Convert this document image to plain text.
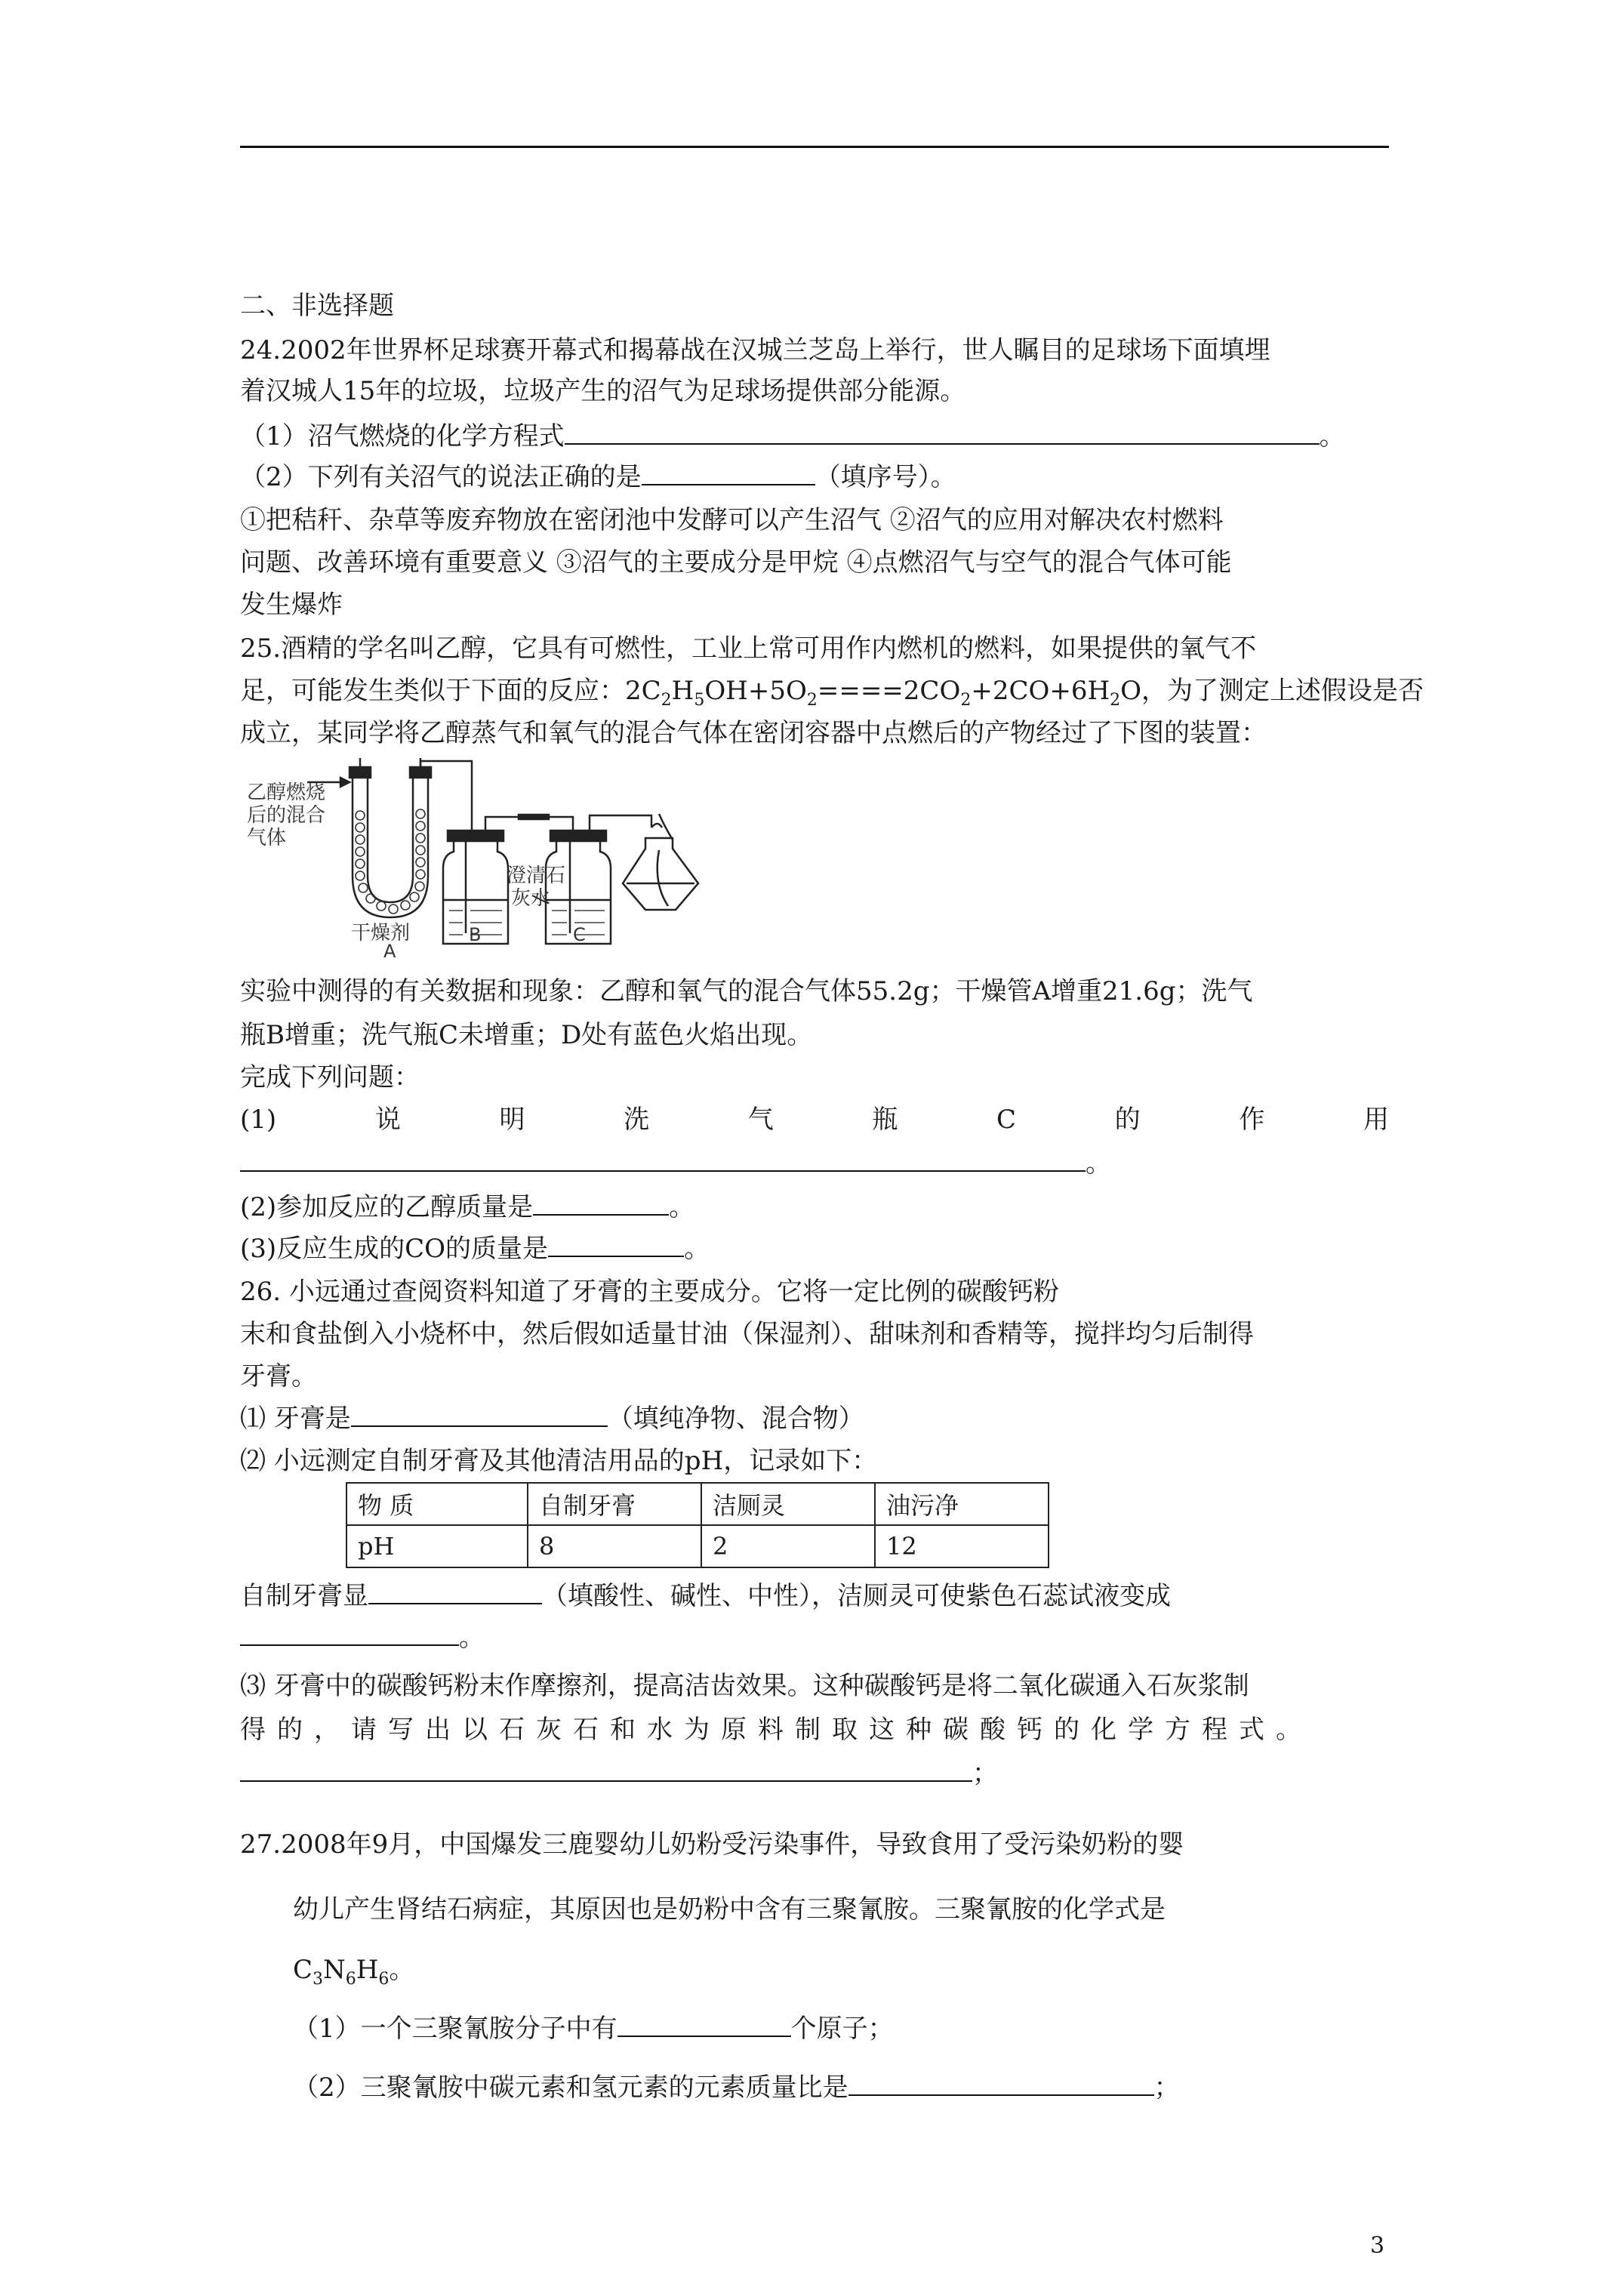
二、非选择题
24.2002年世界杯足球赛开幕式和揭幕战在汉城兰芝岛上举行，世人瞩目的足球场下面填埋
着汉城人15年的垃圾，垃圾产生的沼气为足球场提供部分能源。
（1）沼气燃烧的化学方程式	。
（2）下列有关沼气的说法正确的是	（填序号）。
①把秸秆、杂草等废弃物放在密闭池中发酵可以产生沼气 ②沼气的应用对解决农村燃料
问题、改善环境有重要意义 ③沼气的主要成分是甲烷 ④点燃沼气与空气的混合气体可能
发生爆炸
25.酒精的学名叫乙醇，它具有可燃性，工业上常可用作内燃机的燃料，如果提供的氧气不
足，可能发生类似于下面的反应：$2C_2H_5OH+5O_2====2CO_2+2CO+6H_2O$，为了测定上述假设是否
成立，某同学将乙醇蒸气和氧气的混合气体在密闭容器中点燃后的产物经过了下图的装置：
乙醇燃烧
后的混合
气体
澄清石
灰水
干燥剂
A
B	C
实验中测得的有关数据和现象：乙醇和氧气的混合气体55.2g；干燥管A增重21.6g；洗气
瓶B增重；洗气瓶C未增重；D处有蓝色火焰出现。
完成下列问题：
(1)	说	明	洗	气	瓶	C	的	作	用
。
(2)参加反应的乙醇质量是	。
(3)反应生成的CO的质量是	。
26. 小远通过查阅资料知道了牙膏的主要成分。它将一定比例的碳酸钙粉
末和食盐倒入小烧杯中，然后假如适量甘油（保湿剂）、甜味剂和香精等，搅拌均匀后制得
牙膏。
⑴ 牙膏是	（填纯净物、混合物）
⑵ 小远测定自制牙膏及其他清洁用品的pH，记录如下：
物 质	自制牙膏	洁厕灵	油污净
pH	8	2	12
自制牙膏显	（填酸性、碱性、中性），洁厕灵可使紫色石蕊试液变成
。
⑶ 牙膏中的碳酸钙粉末作摩擦剂，提高洁齿效果。这种碳酸钙是将二氧化碳通入石灰浆制
得的，请写出以石灰石和水为原料制取这种碳酸钙的化学方程式。
；
27.2008年9月，中国爆发三鹿婴幼儿奶粉受污染事件，导致食用了受污染奶粉的婴
幼儿产生肾结石病症，其原因也是奶粉中含有三聚氰胺。三聚氰胺的化学式是
$C_3N_6H_6$。
（1）一个三聚氰胺分子中有	个原子；
（2）三聚氰胺中碳元素和氢元素的元素质量比是	；
3
